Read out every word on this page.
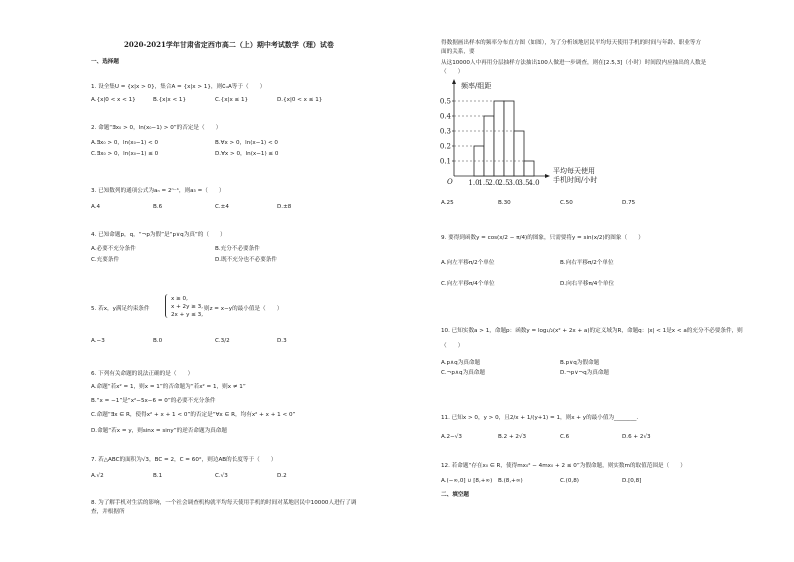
2020-2021学年甘肃省定西市高二（上）期中考试数学（理）试卷
一、选择题
1. 设全集U = {x|x > 0}，集合A = {x|x > 1}，则∁ᵤA等于（　　）
A.{x|0 < x < 1}	B.{x|x < 1}	C.{x|x ≤ 1}	D.{x|0 < x ≤ 1}
2. 命题“∃x₀ > 0，ln(x₀−1) > 0”的否定是（　　）
A.∃x₀ > 0，ln(x₀−1) < 0	B.∀x > 0，ln(x−1) < 0
C.∃x₀ > 0，ln(x₀−1) ≤ 0	D.∀x > 0，ln(x−1) ≤ 0
3. 已知数列的通项公式为aₙ = 2ⁿ⁻¹，则a₃ =（　　）
A.4	B.6	C.±4	D.±8
4. 已知命题p，q，“¬p为假”是“p∨q为真”的（　　）
A.必要不充分条件	B.充分不必要条件
C.充要条件	D.既不充分也不必要条件
5. 若x，y满足约束条件
x ≥ 0,
x + 2y ≥ 3,
2x + y ≤ 3,
则z = x−y的最小值是（　　）
A.−3	B.0	C.3/2	D.3
6. 下列有关命题的说法正确的是（　　）
A.命题“若x² = 1，则x = 1”的否命题为“若x² = 1，则x ≠ 1”
B.“x = −1”是“x²−5x−6 = 0”的必要不充分条件
C.命题“∃x ∈ R，使得x² + x + 1 < 0”的否定是“∀x ∈ R，均有x² + x + 1 < 0”
D.命题“若x = y，则sinx = siny”的逆否命题为真命题
7. 若△ABC的面积为√3，BC = 2，C = 60°，则边AB的长度等于（　　）
A.√2	B.1	C.√3	D.2
8. 为了解手机对生活的影响，一个社会调查机构就平均每天使用手机的时间对某地居民中10000人进行了调
查，并根据所
得数据画出样本的频率分布直方图（如图），为了分析该地居民平均每天使用手机的时间与年龄、职业等方
面的关系，要
从这10000人中再用分层抽样方法抽出100人做进一步调查，则在[2.5,3]（小时）时间段内应抽出的人数是
（　　）
O
频率/组距
0.1
0.2
0.3
0.4
0.5
1.0
1.5
2.0
2.5
3.0
3.5
4.0
平均每天使用
手机时间/小时
A.25	B.30	C.50	D.75
9. 要得到函数y = cos(x/2 − π/4)的图象，只需要将y = sin(x/2)的图象（　　）
A.向左平移π/2个单位	B.向右平移π/2个单位
C.向左平移π/4个单位	D.向右平移π/4个单位
10. 已知实数a > 1，命题p：函数y = log₁/₂(x² + 2x + a)的定义域为R，命题q：|x| < 1是x < a的充分不必要条件，则
（　　）
A.p∧q为真命题	B.p∨q为假命题
C.¬p∧q为真命题	D.¬p∨¬q为真命题
11. 已知x > 0，y > 0，且2/x + 1/(y+1) = 1，则x + y的最小值为________.
A.2−√3	B.2 + 2√3	C.6	D.6 + 2√3
12. 若命题“存在x₀ ∈ R，使得mx₀² − 4mx₀ + 2 ≤ 0”为假命题，则实数m的取值范围是（　　）
A.(−∞,0] ∪ [8,+∞) B.(8,+∞)	C.(0,8)	D.[0,8]
二、填空题
